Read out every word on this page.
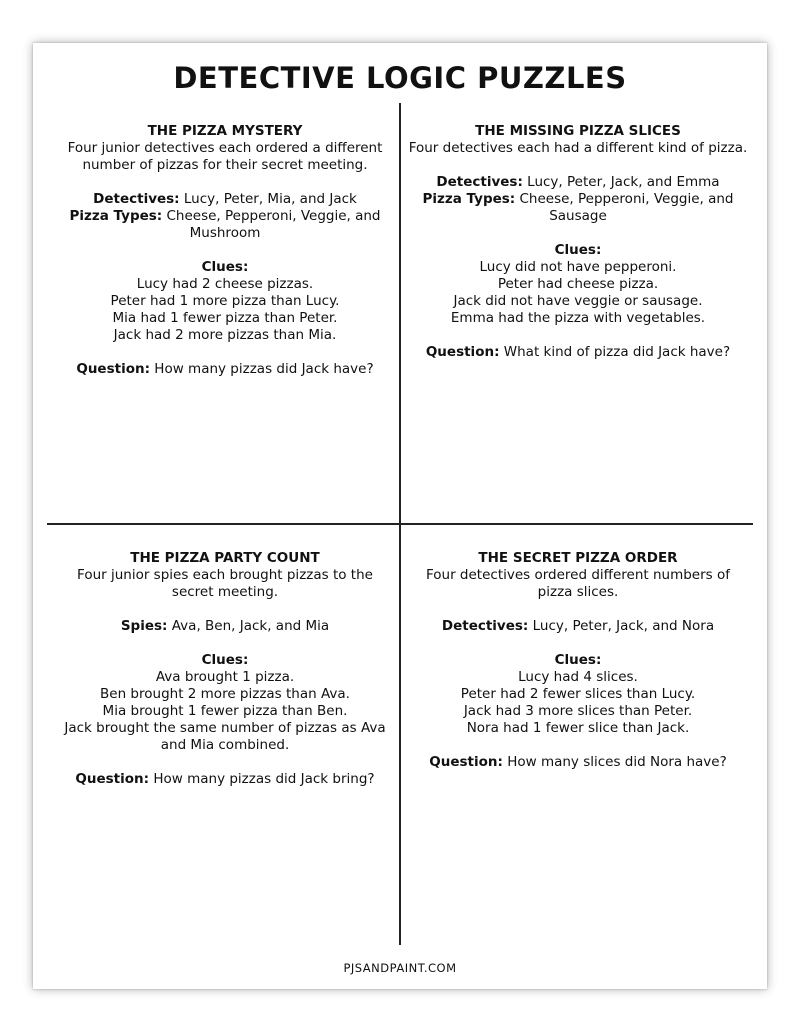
DETECTIVE LOGIC PUZZLES

THE PIZZA MYSTERY

Four junior detectives each ordered a different number of pizzas for their secret meeting.

Detectives: Lucy, Peter, Mia, and Jack

Pizza Types: Cheese, Pepperoni, Veggie, and Mushroom

Clues:

Lucy had 2 cheese pizzas.

Peter had 1 more pizza than Lucy.

Mia had 1 fewer pizza than Peter.

Jack had 2 more pizzas than Mia.

Question: How many pizzas did Jack have?

THE MISSING PIZZA SLICES

Four detectives each had a different kind of pizza.

Detectives: Lucy, Peter, Jack, and Emma

Pizza Types: Cheese, Pepperoni, Veggie, and Sausage

Clues:

Lucy did not have pepperoni.

Peter had cheese pizza.

Jack did not have veggie or sausage.

Emma had the pizza with vegetables.

Question: What kind of pizza did Jack have?

THE PIZZA PARTY COUNT

Four junior spies each brought pizzas to the secret meeting.

Spies: Ava, Ben, Jack, and Mia

Clues:

Ava brought 1 pizza.

Ben brought 2 more pizzas than Ava.

Mia brought 1 fewer pizza than Ben.

Jack brought the same number of pizzas as Ava and Mia combined.

Question: How many pizzas did Jack bring?

THE SECRET PIZZA ORDER

Four detectives ordered different numbers of pizza slices.

Detectives: Lucy, Peter, Jack, and Nora

Clues:

Lucy had 4 slices.

Peter had 2 fewer slices than Lucy.

Jack had 3 more slices than Peter.

Nora had 1 fewer slice than Jack.

Question: How many slices did Nora have?

PJSANDPAINT.COM
